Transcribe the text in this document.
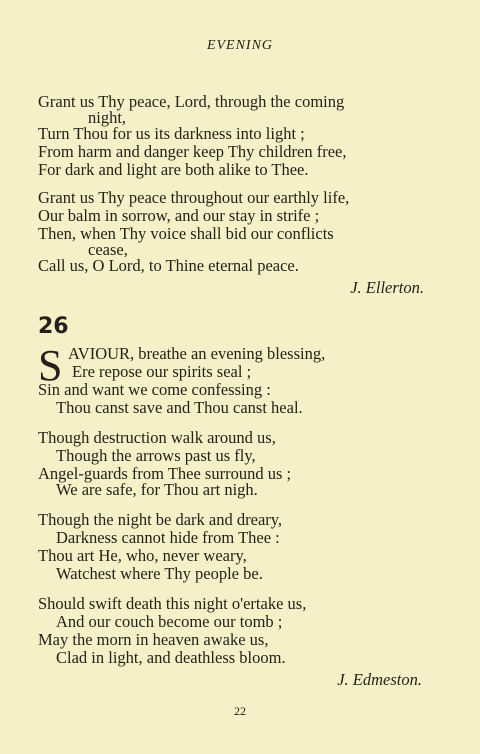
EVENING
Grant us Thy peace, Lord, through the coming
night,
Turn Thou for us its darkness into light ;
From harm and danger keep Thy children free,
For dark and light are both alike to Thee.
Grant us Thy peace throughout our earthly life,
Our balm in sorrow, and our stay in strife ;
Then, when Thy voice shall bid our conflicts
cease,
Call us, O Lord, to Thine eternal peace.
J. Ellerton.
26
S AVIOUR, breathe an evening blessing,
Ere repose our spirits seal ;
Sin and want we come confessing :
Thou canst save and Thou canst heal.
Though destruction walk around us,
Though the arrows past us fly,
Angel-guards from Thee surround us ;
We are safe, for Thou art nigh.
Though the night be dark and dreary,
Darkness cannot hide from Thee :
Thou art He, who, never weary,
Watchest where Thy people be.
Should swift death this night o'ertake us,
And our couch become our tomb ;
May the morn in heaven awake us,
Clad in light, and deathless bloom.
J. Edmeston.
22
